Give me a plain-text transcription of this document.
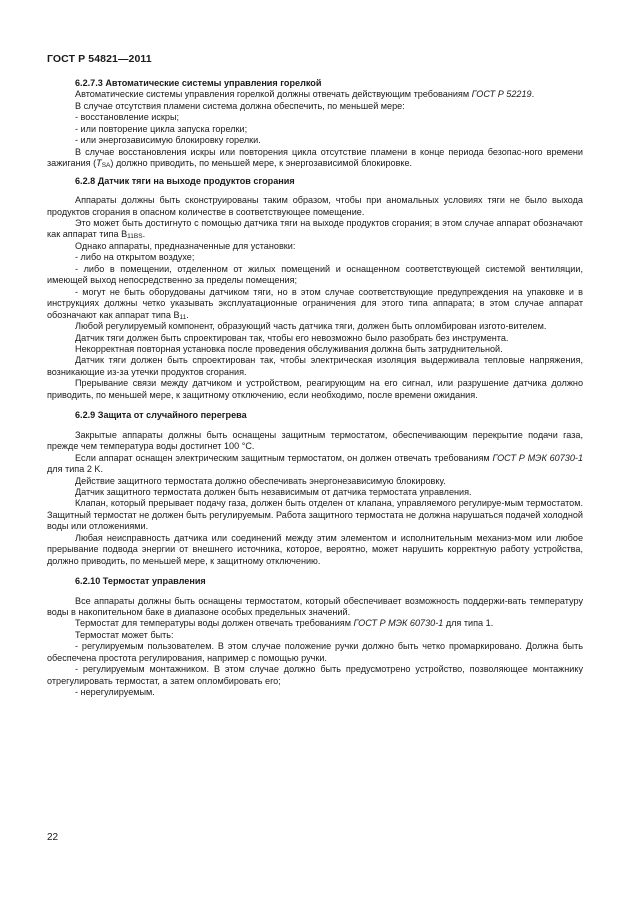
ГОСТ Р 54821—2011

6.2.7.3 Автоматические системы управления горелкой

Автоматические системы управления горелкой должны отвечать действующим требованиям ГОСТ Р 52219.

В случае отсутствия пламени система должна обеспечить, по меньшей мере:

- восстановление искры;

- или повторение цикла запуска горелки;

- или энергозависимую блокировку горелки.

В случае восстановления искры или повторения цикла отсутствие пламени в конце периода безопас-ного времени зажигания $(T_{SA})$ должно приводить, по меньшей мере, к энергозависимой блокировке.

6.2.8 Датчик тяги на выходе продуктов сгорания

Аппараты должны быть сконструированы таким образом, чтобы при аномальных условиях тяги не было выхода продуктов сгорания в опасном количестве в соответствующее помещение.

Это может быть достигнуто с помощью датчика тяги на выходе продуктов сгорания; в этом случае аппарат обозначают как аппарат типа $B_{11BS}$.

Однако аппараты, предназначенные для установки:

- либо на открытом воздухе;

- либо в помещении, отделенном от жилых помещений и оснащенном соответствующей системой вентиляции, имеющей выход непосредственно за пределы помещения;

- могут не быть оборудованы датчиком тяги, но в этом случае соответствующие предупреждения на упаковке и в инструкциях должны четко указывать эксплуатационные ограничения для этого типа аппарата; в этом случае аппарат обозначают как аппарат типа $B_{11}$.

Любой регулируемый компонент, образующий часть датчика тяги, должен быть опломбирован изгото-вителем.

Датчик тяги должен быть спроектирован так, чтобы его невозможно было разобрать без инструмента.

Некорректная повторная установка после проведения обслуживания должна быть затруднительной.

Датчик тяги должен быть спроектирован так, чтобы электрическая изоляция выдерживала тепловые напряжения, возникающие из-за утечки продуктов сгорания.

Прерывание связи между датчиком и устройством, реагирующим на его сигнал, или разрушение датчика должно приводить, по меньшей мере, к защитному отключению, если необходимо, после времени ожидания.

6.2.9 Защита от случайного перегрева

Закрытые аппараты должны быть оснащены защитным термостатом, обеспечивающим перекрытие подачи газа, прежде чем температура воды достигнет 100 °С.

Если аппарат оснащен электрическим защитным термостатом, он должен отвечать требованиям ГОСТ Р МЭК 60730-1 для типа 2 K.

Действие защитного термостата должно обеспечивать энергонезависимую блокировку.

Датчик защитного термостата должен быть независимым от датчика термостата управления.

Клапан, который прерывает подачу газа, должен быть отделен от клапана, управляемого регулируе-мым термостатом. Защитный термостат не должен быть регулируемым. Работа защитного термостата не должна нарушаться подачей холодной воды или отложениями.

Любая неисправность датчика или соединений между этим элементом и исполнительным механиз-мом или любое прерывание подвода энергии от внешнего источника, которое, вероятно, может нарушить корректную работу устройства, должно приводить, по меньшей мере, к защитному отключению.

6.2.10 Термостат управления

Все аппараты должны быть оснащены термостатом, который обеспечивает возможность поддержи-вать температуру воды в накопительном баке в диапазоне особых предельных значений.

Термостат для температуры воды должен отвечать требованиям ГОСТ Р МЭК 60730-1 для типа 1.

Термостат может быть:

- регулируемым пользователем. В этом случае положение ручки должно быть четко промаркировано. Должна быть обеспечена простота регулирования, например с помощью ручки.

- регулируемым монтажником. В этом случае должно быть предусмотрено устройство, позволяющее монтажнику отрегулировать термостат, а затем опломбировать его;

- нерегулируемым.

22
